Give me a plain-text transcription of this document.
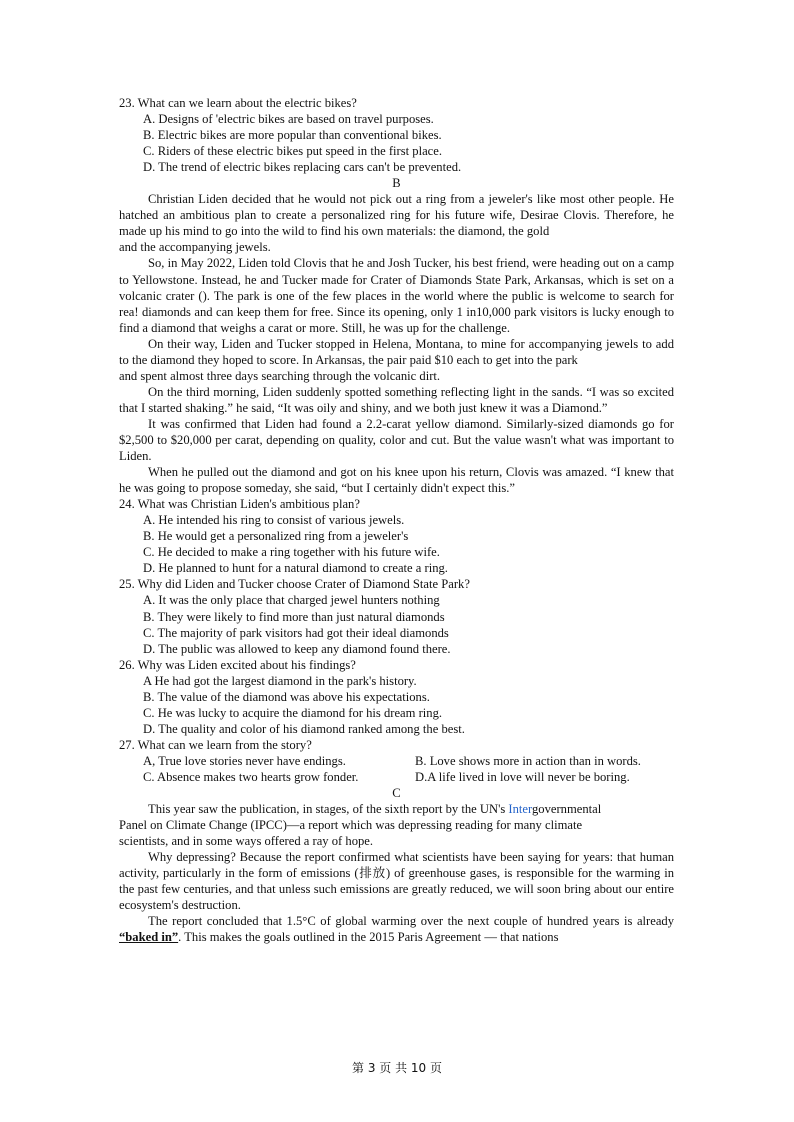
23. What can we learn about the electric bikes?
A. Designs of 'electric bikes are based on travel purposes.
B. Electric bikes are more popular than conventional bikes.
C. Riders of these electric bikes put speed in the first place.
D. The trend of electric bikes replacing cars can't be prevented.
B
Christian Liden decided that he would not pick out a ring from a jeweler's like most other people. He hatched an ambitious plan to create a personalized ring for his future wife, Desirae Clovis. Therefore, he made up his mind to go into the wild to find his own materials: the diamond, the gold
and the accompanying jewels.
So, in May 2022, Liden told Clovis that he and Josh Tucker, his best friend, were heading out on a camp to Yellowstone. Instead, he and Tucker made for Crater of Diamonds State Park, Arkansas, which is set on a volcanic crater (). The park is one of the few places in the world where the public is welcome to search for rea! diamonds and can keep them for free. Since its opening, only 1 in10,000 park visitors is lucky enough to find a diamond that weighs a carat or more. Still, he was up for the challenge.
On their way, Liden and Tucker stopped in Helena, Montana, to mine for accompanying jewels to add to the diamond they hoped to score. In Arkansas, the pair paid $10 each to get into the park
and spent almost three days searching through the volcanic dirt.
On the third morning, Liden suddenly spotted something reflecting light in the sands. “I was so excited that I started shaking.” he said, “It was oily and shiny, and we both just knew it was a Diamond.”
It was confirmed that Liden had found a 2.2-carat yellow diamond. Similarly-sized diamonds go for $2,500 to $20,000 per carat, depending on quality, color and cut. But the value wasn't what was important to Liden.
When he pulled out the diamond and got on his knee upon his return, Clovis was amazed. “I knew that he was going to propose someday, she said, “but I certainly didn't expect this.”
24. What was Christian Liden's ambitious plan?
A. He intended his ring to consist of various jewels.
B. He would get a personalized ring from a jeweler's
C. He decided to make a ring together with his future wife.
D. He planned to hunt for a natural diamond to create a ring.
25. Why did Liden and Tucker choose Crater of Diamond State Park?
A. It was the only place that charged jewel hunters nothing
B. They were likely to find more than just natural diamonds
C. The majority of park visitors had got their ideal diamonds
D. The public was allowed to keep any diamond found there.
26. Why was Liden excited about his findings?
A He had got the largest diamond in the park's history.
B. The value of the diamond was above his expectations.
C. He was lucky to acquire the diamond for his dream ring.
D. The quality and color of his diamond ranked among the best.
27. What can we learn from the story?
A, True love stories never have endings.	B. Love shows more in action than in words.
C. Absence makes two hearts grow fonder.	D.A life lived in love will never be boring.
C
This year saw the publication, in stages, of the sixth report by the UN's Intergovernmental
Panel on Climate Change (IPCC)—a report which was depressing reading for many climate
scientists, and in some ways offered a ray of hope.
Why depressing? Because the report confirmed what scientists have been saying for years: that human activity, particularly in the form of emissions (排放) of greenhouse gases, is responsible for the warming in the past few centuries, and that unless such emissions are greatly reduced, we will soon bring about our entire ecosystem's destruction.
The report concluded that 1.5°C of global warming over the next couple of hundred years is already “baked in”. This makes the goals outlined in the 2015 Paris Agreement — that nations
第 3 页 共 10 页
